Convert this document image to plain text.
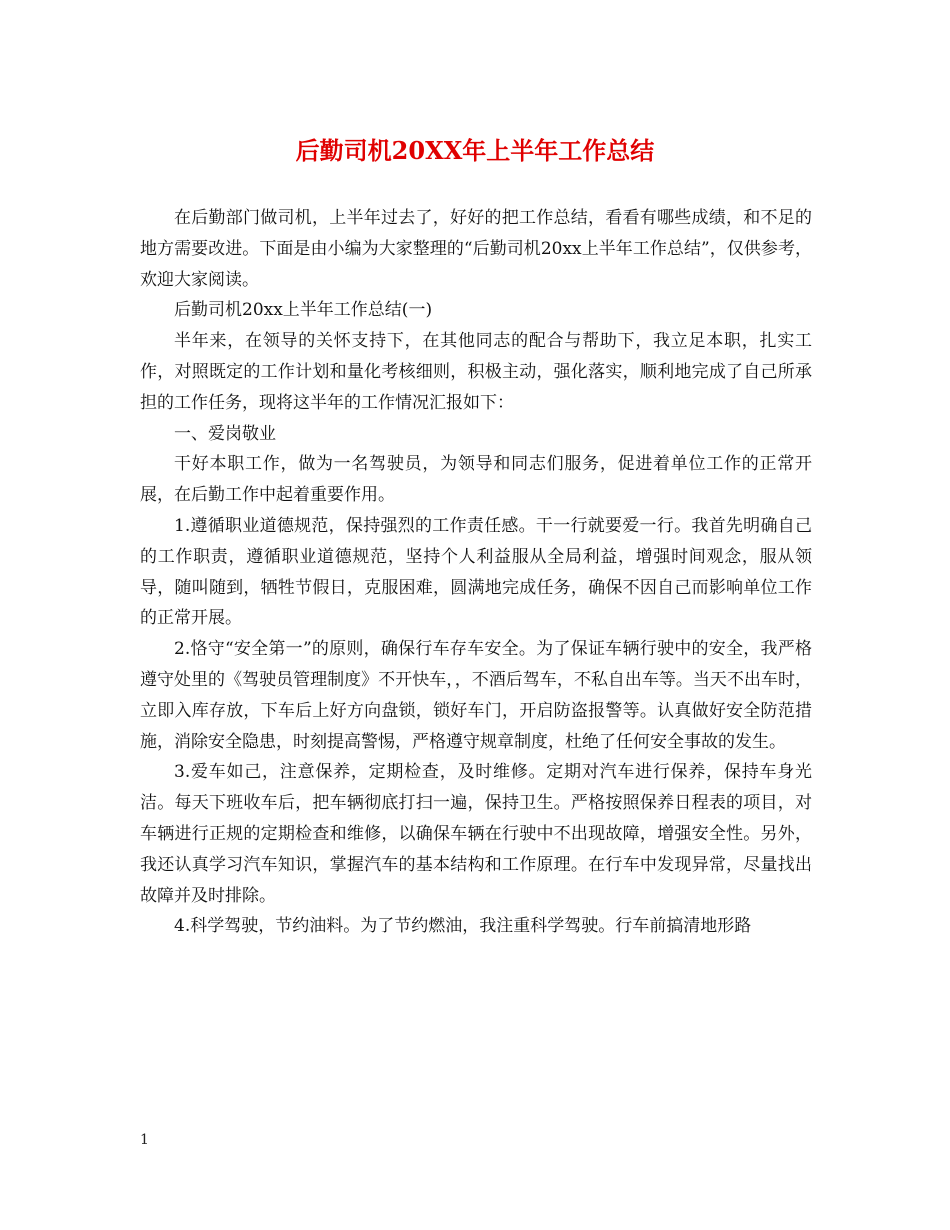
后勤司机20XX年上半年工作总结

在后勤部门做司机，上半年过去了，好好的把工作总结，看看有哪些成绩，和不足的地方需要改进。下面是由小编为大家整理的“后勤司机20xx上半年工作总结”，仅供参考，欢迎大家阅读。

后勤司机20xx上半年工作总结(一)

半年来，在领导的关怀支持下，在其他同志的配合与帮助下，我立足本职，扎实工作，对照既定的工作计划和量化考核细则，积极主动，强化落实，顺利地完成了自己所承担的工作任务，现将这半年的工作情况汇报如下：

一、爱岗敬业

干好本职工作，做为一名驾驶员，为领导和同志们服务，促进着单位工作的正常开展，在后勤工作中起着重要作用。

1.遵循职业道德规范，保持强烈的工作责任感。干一行就要爱一行。我首先明确自己的工作职责，遵循职业道德规范，坚持个人利益服从全局利益，增强时间观念，服从领导，随叫随到，牺牲节假日，克服困难，圆满地完成任务，确保不因自己而影响单位工作的正常开展。

2.恪守“安全第一”的原则，确保行车存车安全。为了保证车辆行驶中的安全，我严格遵守处里的《驾驶员管理制度》不开快车，，不酒后驾车，不私自出车等。当天不出车时，立即入库存放，下车后上好方向盘锁，锁好车门，开启防盗报警等。认真做好安全防范措施，消除安全隐患，时刻提高警惕，严格遵守规章制度，杜绝了任何安全事故的发生。

3.爱车如己，注意保养，定期检查，及时维修。定期对汽车进行保养，保持车身光洁。每天下班收车后，把车辆彻底打扫一遍，保持卫生。严格按照保养日程表的项目，对车辆进行正规的定期检查和维修，以确保车辆在行驶中不出现故障，增强安全性。另外，我还认真学习汽车知识，掌握汽车的基本结构和工作原理。在行车中发现异常，尽量找出故障并及时排除。

4.科学驾驶，节约油料。为了节约燃油，我注重科学驾驶。行车前搞清地形路

1
